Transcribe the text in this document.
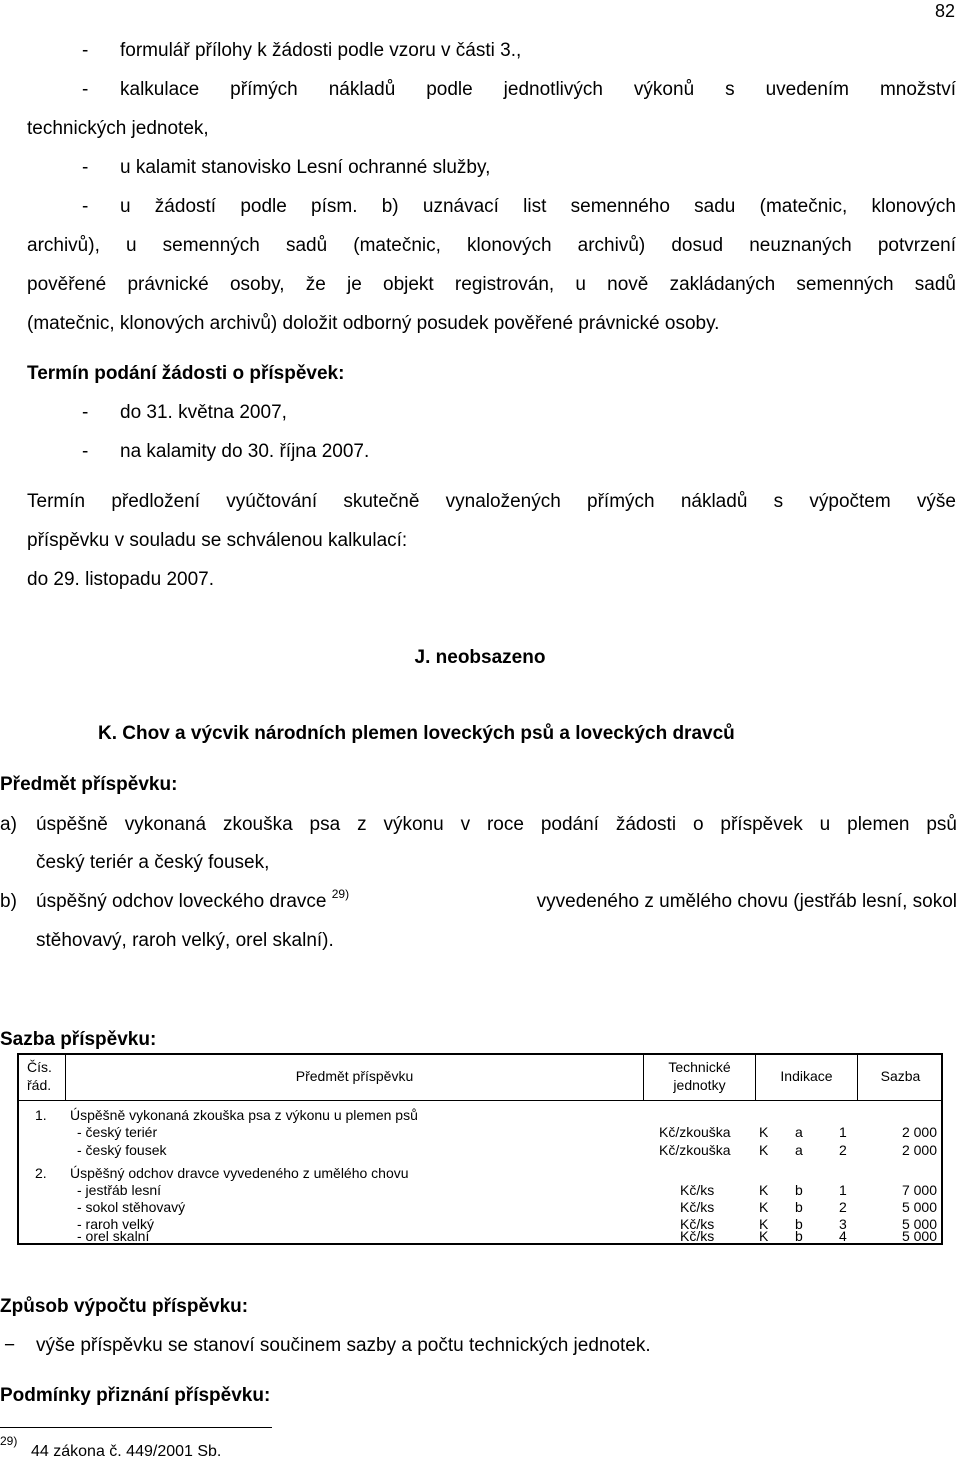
82
- formulář přílohy k žádosti podle vzoru v části 3.,
- kalkulace přímých nákladů podle jednotlivých výkonů s uvedením množství
technických jednotek,
- u kalamit stanovisko Lesní ochranné služby,
- u žádostí podle písm. b) uznávací list semenného sadu (matečnic, klonových
archivů), u semenných sadů (matečnic, klonových archivů) dosud neuznaných potvrzení
pověřené právnické osoby, že je objekt registrován, u nově zakládaných semenných sadů
(matečnic, klonových archivů) doložit odborný posudek pověřené právnické osoby.
Termín podání žádosti o příspěvek:
- do 31. května 2007,
- na kalamity do 30. října 2007.
Termín předložení vyúčtování skutečně vynaložených přímých nákladů s výpočtem výše
příspěvku v souladu se schválenou kalkulací:
do 29. listopadu 2007.
J. neobsazeno
K. Chov a výcvik národních plemen loveckých psů a loveckých dravců
Předmět příspěvku:
a) úspěšně vykonaná zkouška psa z výkonu v roce podání žádosti o příspěvek u plemen psů
český teriér a český fousek,
b) úspěšný odchov loveckého dravce $^{29)}$	vyvedeného z umělého chovu (jestřáb lesní, sokol
stěhovavý, raroh velký, orel skalní).
Sazba příspěvku:
Čís.
řád.
Předmět příspěvku
Technické
jednotky
Indikace	Sazba
1. Úspěšně vykonaná zkouška psa z výkonu u plemen psů
- český teriér	Kč/zkouška K a	1	2 000
- český fousek	Kč/zkouška K a	2	2 000
2. Úspěšný odchov dravce vyvedeného z umělého chovu
- jestřáb lesní	Kč/ks	K b	1	7 000
- sokol stěhovavý	Kč/ks	K b	2	5 000
- raroh velký	Kč/ks	K b	3	5 000
- orel skalní	Kč/ks	K b	4	5 000
Způsob výpočtu příspěvku:
− výše příspěvku se stanoví součinem sazby a počtu technických jednotek.
Podmínky přiznání příspěvku:
29)
44 zákona č. 449/2001 Sb.
